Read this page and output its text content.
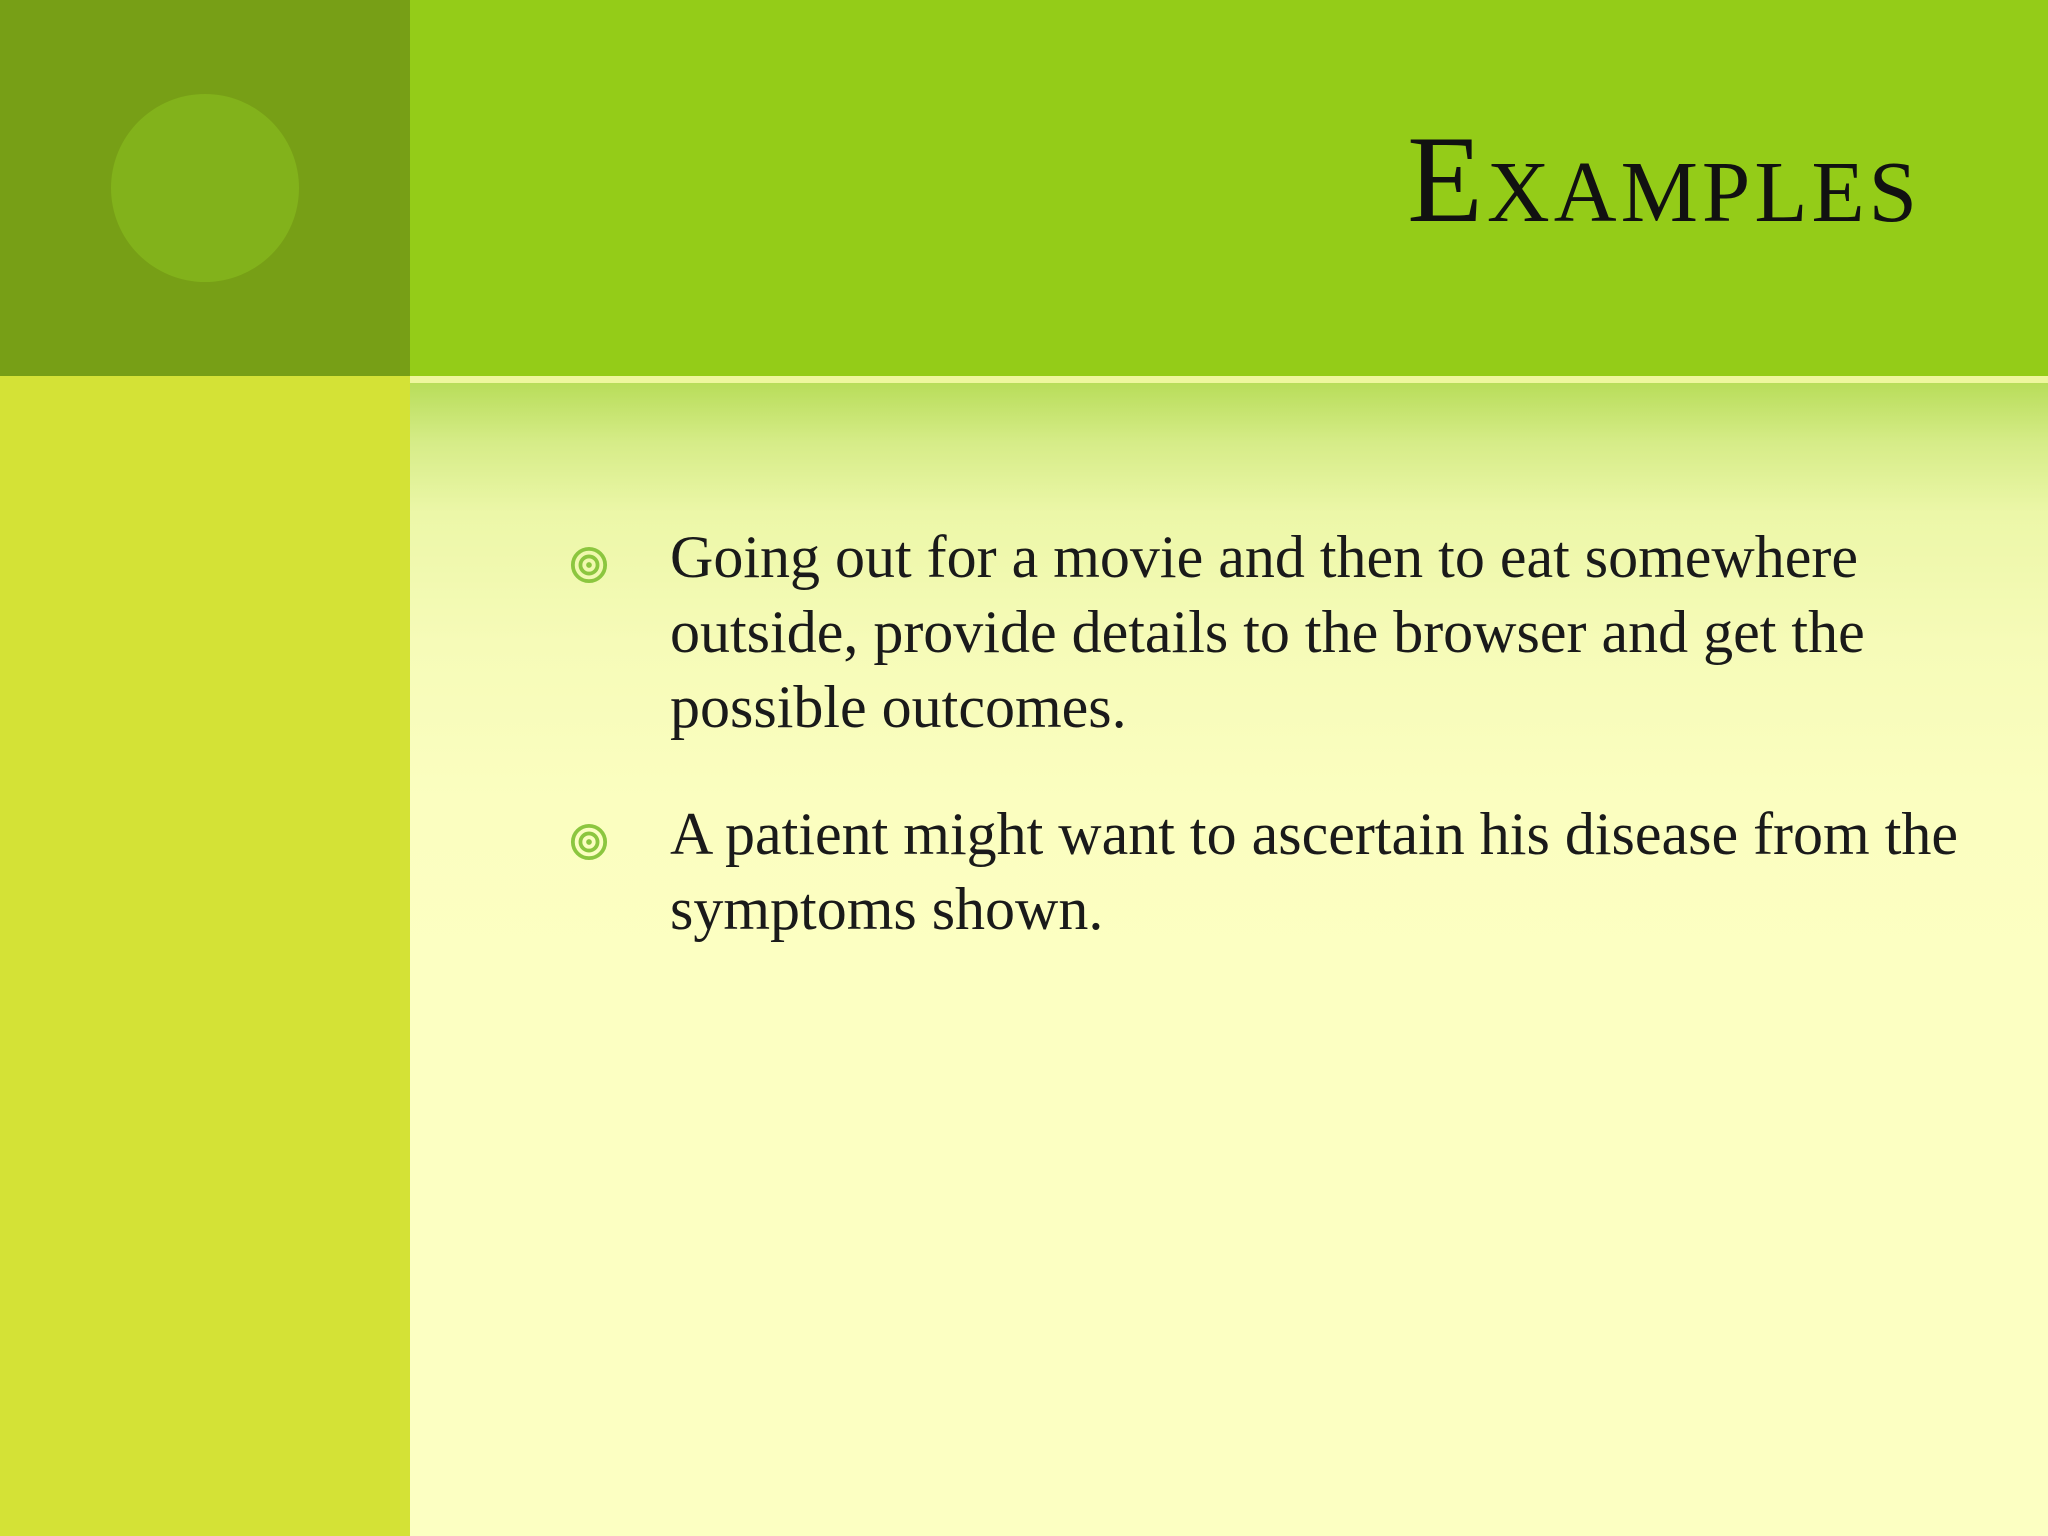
Examples
Going out for a movie and then to eat somewhere outside, provide details to the browser and get the possible outcomes.
A patient might want to ascertain his disease from the symptoms shown.
